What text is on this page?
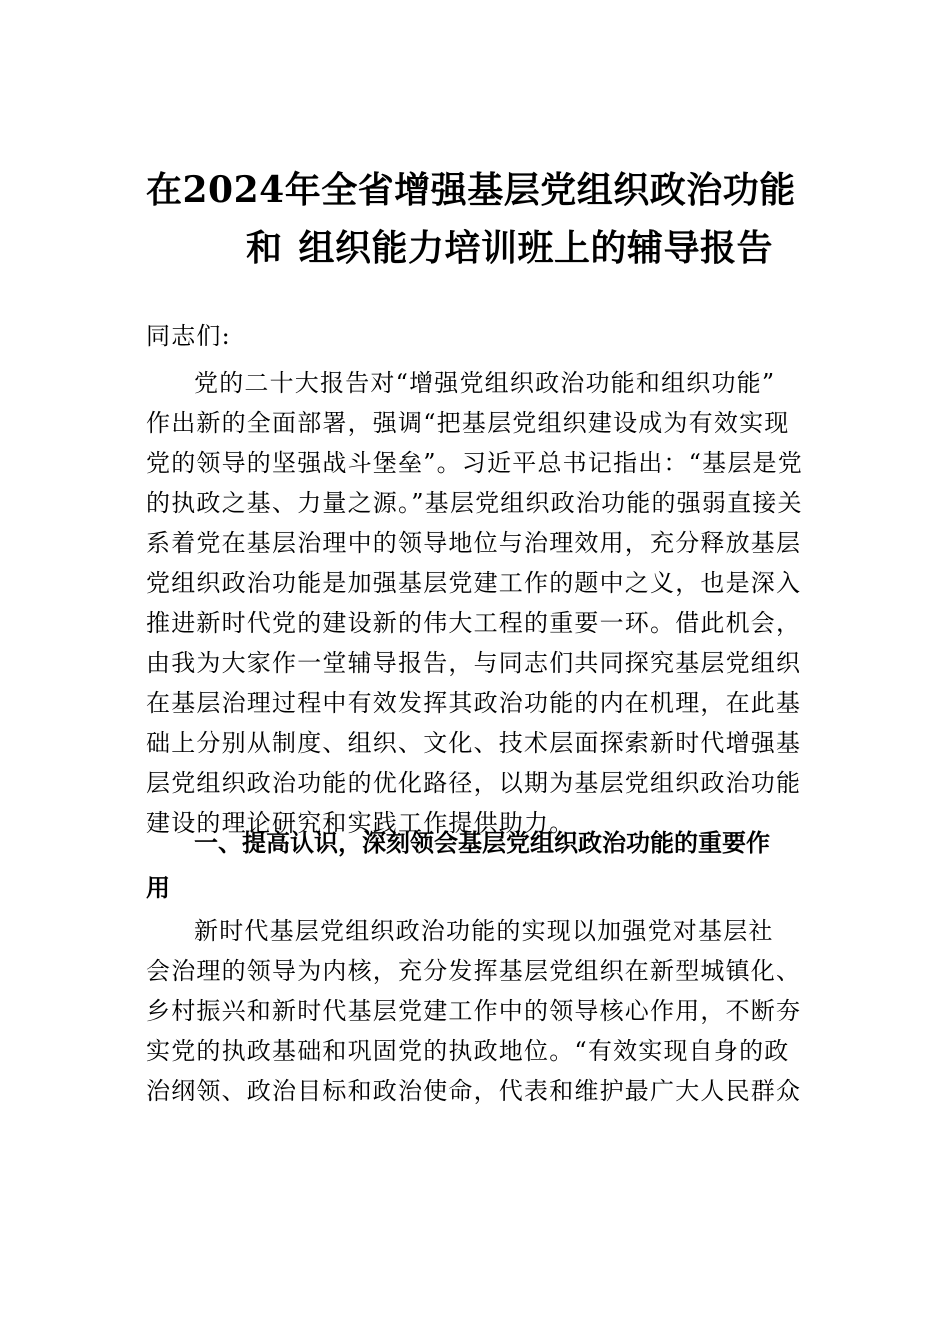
在2024年全省增强基层党组织政治功能
和 组织能力培训班上的辅导报告
同志们:
党的二十大报告对“增强党组织政治功能和组织功能”
作出新的全面部署，强调“把基层党组织建设成为有效实现
党的领导的坚强战斗堡垒”。习近平总书记指出：“基层是党
的执政之基、力量之源。”基层党组织政治功能的强弱直接关
系着党在基层治理中的领导地位与治理效用，充分释放基层
党组织政治功能是加强基层党建工作的题中之义，也是深入
推进新时代党的建设新的伟大工程的重要一环。借此机会，
由我为大家作一堂辅导报告，与同志们共同探究基层党组织
在基层治理过程中有效发挥其政治功能的内在机理，在此基
础上分别从制度、组织、文化、技术层面探索新时代增强基
层党组织政治功能的优化路径，以期为基层党组织政治功能
建设的理论研究和实践工作提供助力。
一、提高认识，深刻领会基层党组织政治功能的重要作
用
新时代基层党组织政治功能的实现以加强党对基层社
会治理的领导为内核，充分发挥基层党组织在新型城镇化、
乡村振兴和新时代基层党建工作中的领导核心作用，不断夯
实党的执政基础和巩固党的执政地位。“有效实现自身的政
治纲领、政治目标和政治使命，代表和维护最广大人民群众
